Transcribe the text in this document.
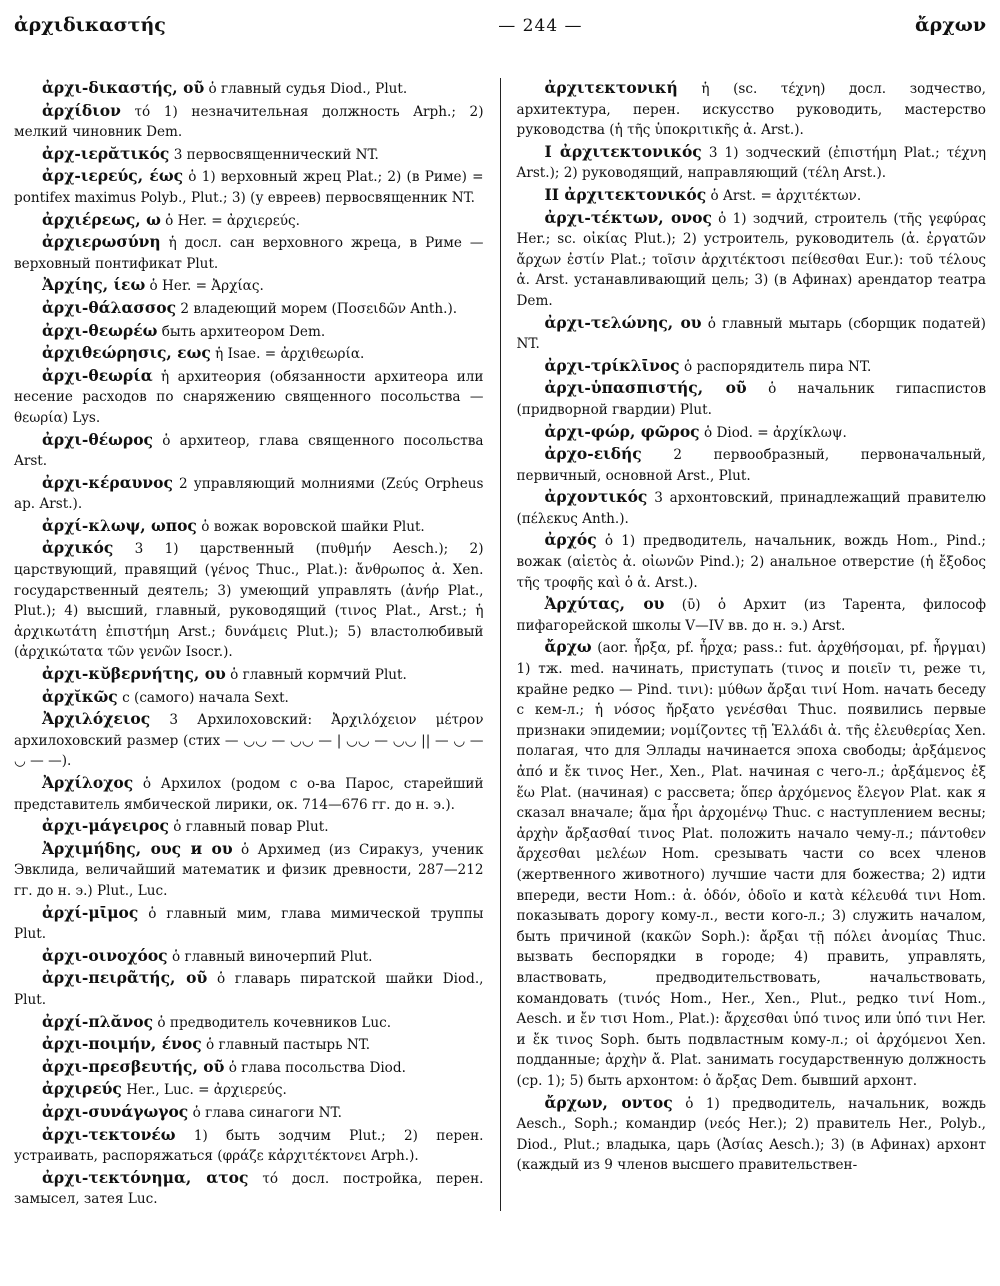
ἀρχιδικαστής	— 244 —	ἄρχων

ἀρχι-δικαστής, οῦ ὁ главный судья Diod., Plut.

ἀρχίδιον τό 1) незначительная должность Arph.; 2) мелкий чиновник Dem.

ἀρχ-ιερᾰτικός 3 первосвященнический NT.

ἀρχ-ιερεύς, έως ὁ 1) верховный жрец Plat.; 2) (в Риме) = pontifex maximus Polyb., Plut.; 3) (у евреев) первосвященник NT.

ἀρχιέρεως, ω ὁ Her. = ἀρχιερεύς.

ἀρχιερωσύνη ἡ досл. сан верховного жреца, в Риме — верховный понтификат Plut.

Ἀρχίης, ίεω ὁ Her. = Ἀρχίας.

ἀρχι-θάλασσος 2 владеющий морем (Ποσειδῶν Anth.).

ἀρχι-θεωρέω быть архитеором Dem.

ἀρχιθεώρησις, εως ἡ Isae. = ἀρχιθεωρία.

ἀρχι-θεωρία ἡ архитеория (обязанности архитеора или несение расходов по снаряжению священного посольства — θεωρία) Lys.

ἀρχι-θέωρος ὁ архитеор, глава священного посольства Arst.

ἀρχι-κέραυνος 2 управляющий молниями (Ζεύς Orpheus ap. Arst.).

ἀρχί-κλωψ, ωπος ὁ вожак воровской шайки Plut.

ἀρχικός 3 1) царственный (πυθμήν Aesch.); 2) царствующий, правящий (γένος Thuc., Plat.): ἄνθρωπος ἀ. Xen. государственный деятель; 3) умеющий управлять (ἀνήρ Plat., Plut.); 4) высший, главный, руководящий (τινος Plat., Arst.; ἡ ἀρχικωτάτη ἐπιστήμη Arst.; δυνάμεις Plut.); 5) властолюбивый (ἀρχικώτατα τῶν γενῶν Isocr.).

ἀρχι-κῠβερνήτης, ου ὁ главный кормчий Plut.

ἀρχῐκῶς с (самого) начала Sext.

Ἀρχιλόχειος 3 Архилоховский: Ἀρχιλόχειον μέτρον архилоховский размер (стих — ◡◡ — ◡◡ — | ◡◡ — ◡◡ || — ◡ — ◡ — —).

Ἀρχίλοχος ὁ Архилох (родом с о-ва Парос, старейший представитель ямбической лирики, ок. 714—676 гг. до н. э.).

ἀρχι-μάγειρος ὁ главный повар Plut.

Ἀρχιμήδης, ους и ου ὁ Архимед (из Сиракуз, ученик Эвклида, величайший математик и физик древности, 287—212 гг. до н. э.) Plut., Luc.

ἀρχί-μῑμος ὁ главный мим, глава мимической труппы Plut.

ἀρχι-οινοχόος ὁ главный виночерпий Plut.

ἀρχι-πειρᾶτής, οῦ ὁ главарь пиратской шайки Diod., Plut.

ἀρχί-πλᾰνος ὁ предводитель кочевников Luc.

ἀρχι-ποιμήν, ένος ὁ главный пастырь NT.

ἀρχι-πρεσβευτής, οῦ ὁ глава посольства Diod.

ἀρχιρεύς Her., Luc. = ἀρχιερεύς.

ἀρχι-συνάγωγος ὁ глава синагоги NT.

ἀρχι-τεκτονέω 1) быть зодчим Plut.; 2) перен. устраивать, распоряжаться (φράζε κἀρχιτέκτονει Arph.).

ἀρχι-τεκτόνημα, ατος τό досл. постройка, перен. замысел, затея Luc.

ἀρχιτεκτονική ἡ (sc. τέχνη) досл. зодчество, архитектура, перен. искусство руководить, мастерство руководства (ἡ τῆς ὑποκριτικῆς ἀ. Arst.).

I ἀρχιτεκτονικός 3 1) зодческий (ἐπιστήμη Plat.; τέχνη Arst.); 2) руководящий, направляющий (τέλη Arst.).

II ἀρχιτεκτονικός ὁ Arst. = ἀρχιτέκτων.

ἀρχι-τέκτων, ονος ὁ 1) зодчий, строитель (τῆς γεφύρας Her.; sc. οἰκίας Plut.); 2) устроитель, руководитель (ἀ. ἐργατῶν ἄρχων ἐστίν Plat.; τοῖσιν ἀρχιτέκτοσι πείθεσθαι Eur.): τοῦ τέλους ἀ. Arst. устанавливающий цель; 3) (в Афинах) арендатор театра Dem.

ἀρχι-τελώνης, ου ὁ главный мытарь (сборщик податей) NT.

ἀρχι-τρίκλῑνος ὁ распорядитель пира NT.

ἀρχι-ὑπασπιστής, οῦ ὁ начальник гипаспистов (придворной гвардии) Plut.

ἀρχι-φώρ, φῶρος ὁ Diod. = ἀρχίκλωψ.

ἀρχο-ειδής 2 первообразный, первоначальный, первичный, основной Arst., Plut.

ἀρχοντικός 3 архонтовский, принадлежащий правителю (πέλεκυς Anth.).

ἀρχός ὁ 1) предводитель, начальник, вождь Hom., Pind.; вожак (αἰετὸς ἀ. οἰωνῶν Pind.); 2) анальное отверстие (ἡ ἔξοδος τῆς τροφῆς καὶ ὁ ἀ. Arst.).

Ἀρχύτας, ου (ῡ) ὁ Архит (из Тарента, философ пифагорейской школы V—IV вв. до н. э.) Arst.

ἄρχω (aor. ἦρξα, pf. ἦρχα; pass.: fut. ἀρχθήσομαι, pf. ἦργμαι) 1) тж. med. начинать, приступать (τινος и ποιεῖν τι, реже τι, крайне редко — Pind. τινι): μύθων ἄρξαι τινί Hom. начать беседу с кем-л.; ἡ νόσος ἤρξατο γενέσθαι Thuc. появились первые признаки эпидемии; νομίζοντες τῇ Ἑλλάδι ἀ. τῆς ἐλευθερίας Xen. полагая, что для Эллады начинается эпоха свободы; ἀρξάμενος ἀπό и ἔκ τινος Her., Xen., Plat. начиная с чего-л.; ἀρξάμενος ἐξ ἕω Plat. (начиная) с рассвета; ὅπερ ἀρχόμενος ἔλεγον Plat. как я сказал вначале; ἅμα ἦρι ἀρχομένῳ Thuc. с наступлением весны; ἀρχὴν ἄρξασθαί τινος Plat. положить начало чему-л.; πάντοθεν ἄρχεσθαι μελέων Hom. срезывать части со всех членов (жертвенного животного) лучшие части для божества; 2) идти впереди, вести Hom.: ἀ. ὁδόν, ὁδοῖο и κατὰ κέλευθά τινι Hom. показывать дорогу кому-л., вести кого-л.; 3) служить началом, быть причиной (κακῶν Soph.): ἄρξαι τῇ πόλει ἀνομίας Thuc. вызвать беспорядки в городе; 4) править, управлять, властвовать, предводительствовать, начальствовать, командовать (τινός Hom., Her., Xen., Plut., редко τινί Hom., Aesch. и ἔν τισι Hom., Plat.): ἄρχεσθαι ὑπό τινος или ὑπό τινι Her. и ἔκ τινος Soph. быть подвластным кому-л.; οἱ ἀρχόμενοι Xen. подданные; ἀρχὴν ἄ. Plat. занимать государственную должность (ср. 1); 5) быть архонтом: ὁ ἄρξας Dem. бывший архонт.

ἄρχων, οντος ὁ 1) предводитель, начальник, вождь Aesch., Soph.; командир (νεός Her.); 2) правитель Her., Polyb., Diod., Plut.; владыка, царь (Ἀσίας Aesch.); 3) (в Афинах) архонт (каждый из 9 членов высшего правительствен-
